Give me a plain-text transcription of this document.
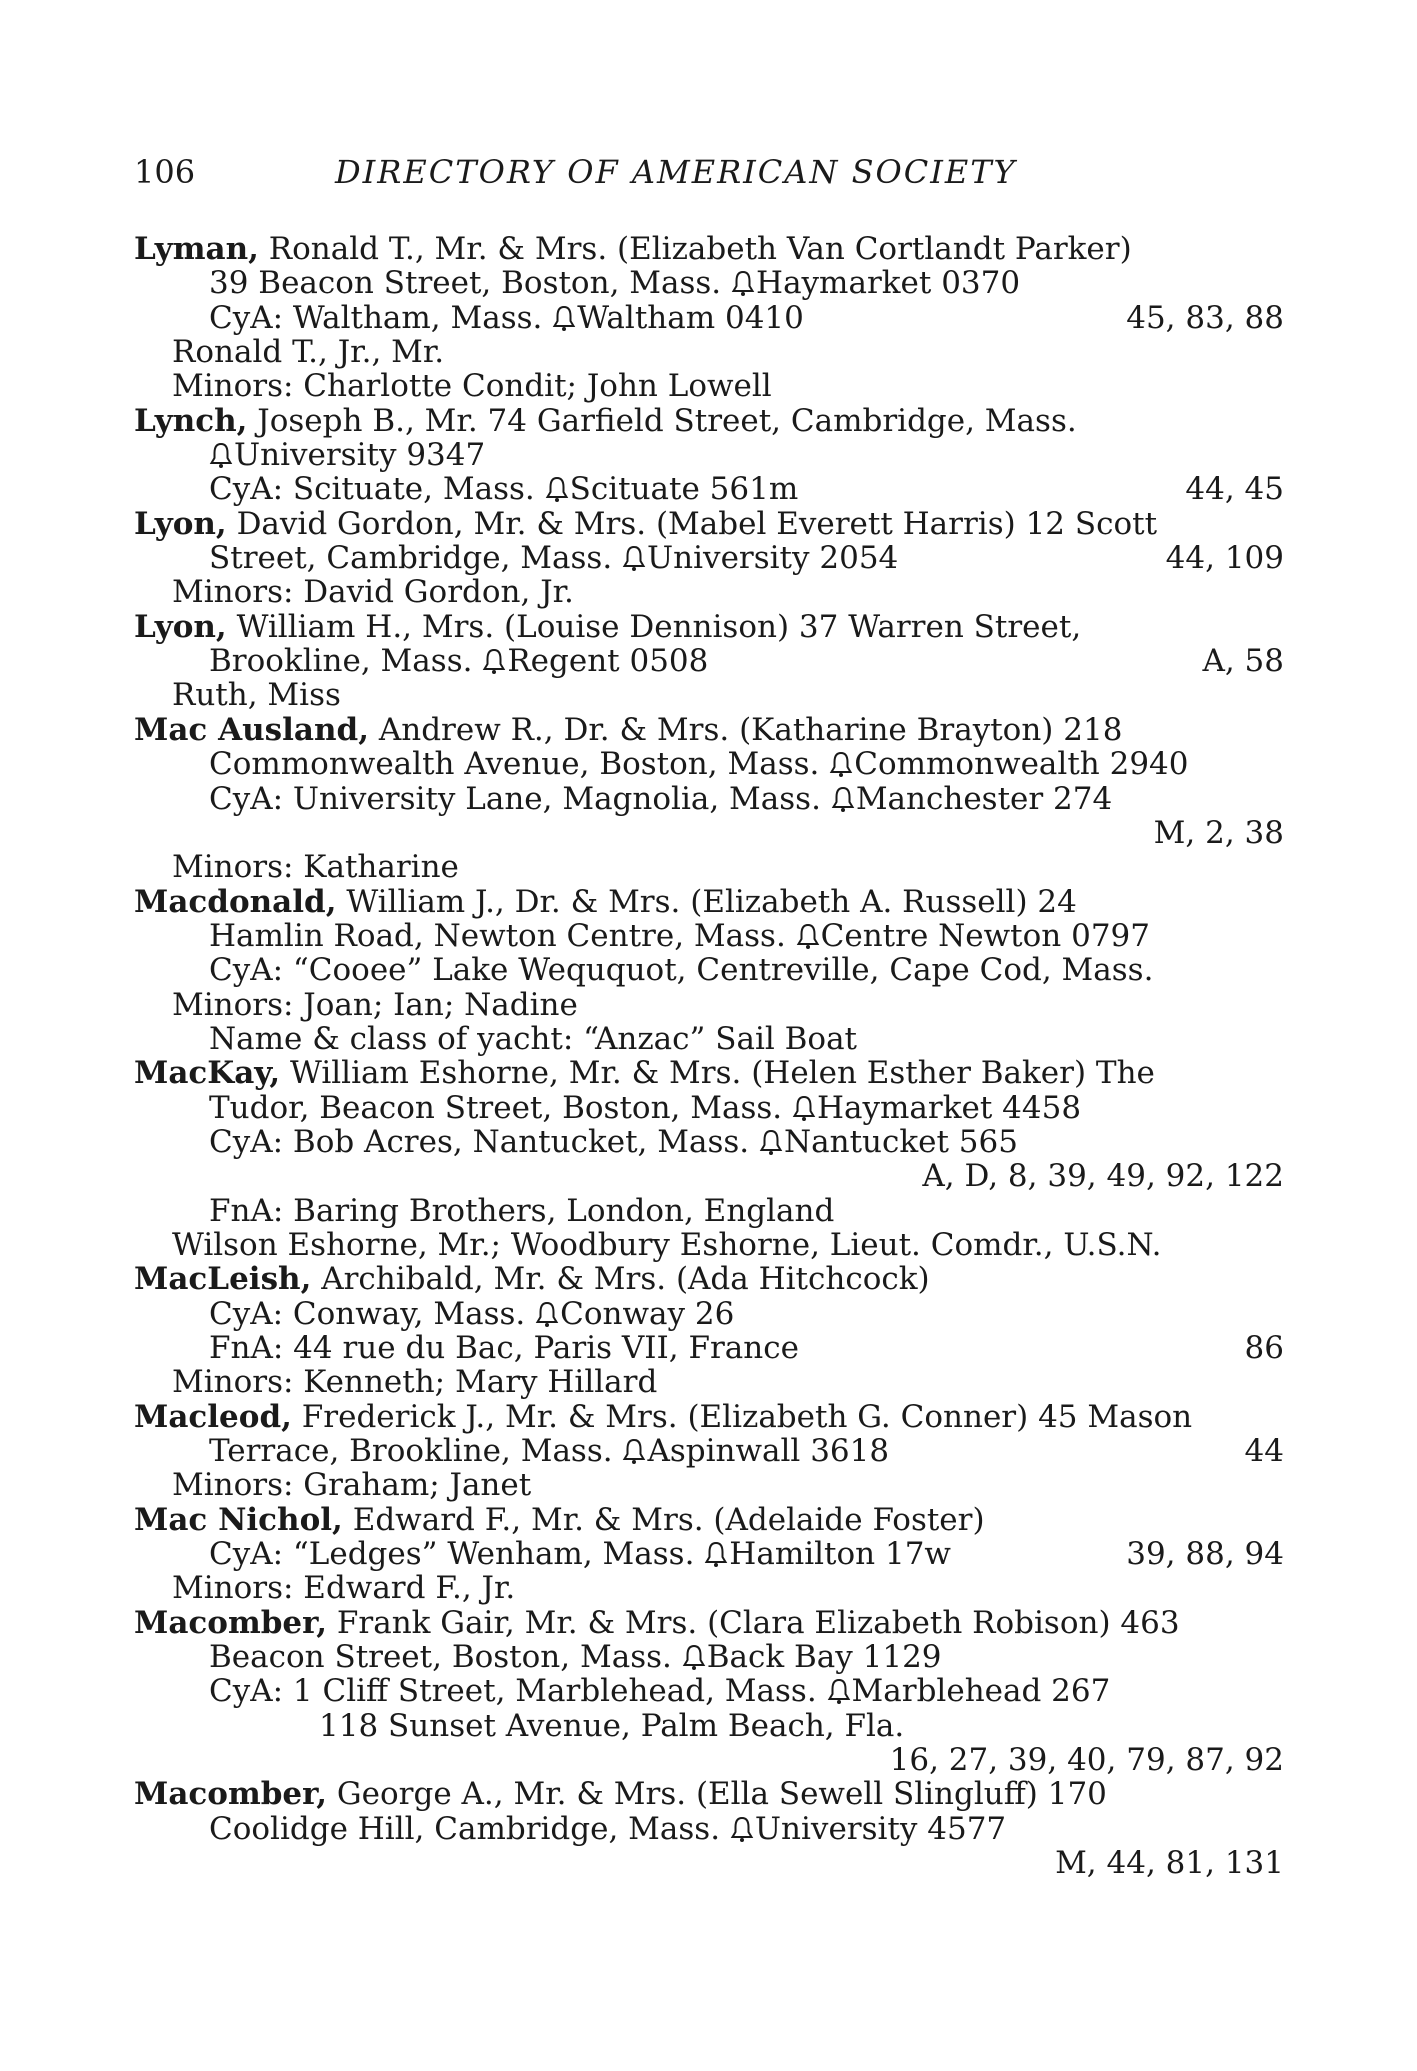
106	DIRECTORY OF AMERICAN SOCIETY
Lyman, Ronald T., Mr. & Mrs. (Elizabeth Van Cortlandt Parker)
39 Beacon Street, Boston, Mass. Haymarket 0370
CyA: Waltham, Mass. Waltham 0410	45, 83, 88
Ronald T., Jr., Mr.
Minors: Charlotte Condit; John Lowell
Lynch, Joseph B., Mr. 74 Garfield Street, Cambridge, Mass.
University 9347
CyA: Scituate, Mass. Scituate 561m	44, 45
Lyon, David Gordon, Mr. & Mrs. (Mabel Everett Harris) 12 Scott
Street, Cambridge, Mass. University 2054	44, 109
Minors: David Gordon, Jr.
Lyon, William H., Mrs. (Louise Dennison) 37 Warren Street,
Brookline, Mass. Regent 0508	A, 58
Ruth, Miss
Mac Ausland, Andrew R., Dr. & Mrs. (Katharine Brayton) 218
Commonwealth Avenue, Boston, Mass. Commonwealth 2940
CyA: University Lane, Magnolia, Mass. Manchester 274
M, 2, 38
Minors: Katharine
Macdonald, William J., Dr. & Mrs. (Elizabeth A. Russell) 24
Hamlin Road, Newton Centre, Mass. Centre Newton 0797
CyA: “Cooee” Lake Weququot, Centreville, Cape Cod, Mass.
Minors: Joan; Ian; Nadine
Name & class of yacht: “Anzac” Sail Boat
MacKay, William Eshorne, Mr. & Mrs. (Helen Esther Baker) The
Tudor, Beacon Street, Boston, Mass. Haymarket 4458
CyA: Bob Acres, Nantucket, Mass. Nantucket 565
A, D, 8, 39, 49, 92, 122
FnA: Baring Brothers, London, England
Wilson Eshorne, Mr.; Woodbury Eshorne, Lieut. Comdr., U.S.N.
MacLeish, Archibald, Mr. & Mrs. (Ada Hitchcock)
CyA: Conway, Mass. Conway 26
FnA: 44 rue du Bac, Paris VII, France	86
Minors: Kenneth; Mary Hillard
Macleod, Frederick J., Mr. & Mrs. (Elizabeth G. Conner) 45 Mason
Terrace, Brookline, Mass. Aspinwall 3618	44
Minors: Graham; Janet
Mac Nichol, Edward F., Mr. & Mrs. (Adelaide Foster)
CyA: “Ledges” Wenham, Mass. Hamilton 17w	39, 88, 94
Minors: Edward F., Jr.
Macomber, Frank Gair, Mr. & Mrs. (Clara Elizabeth Robison) 463
Beacon Street, Boston, Mass. Back Bay 1129
CyA: 1 Cliff Street, Marblehead, Mass. Marblehead 267
118 Sunset Avenue, Palm Beach, Fla.
16, 27, 39, 40, 79, 87, 92
Macomber, George A., Mr. & Mrs. (Ella Sewell Slingluff) 170
Coolidge Hill, Cambridge, Mass. University 4577
M, 44, 81, 131
